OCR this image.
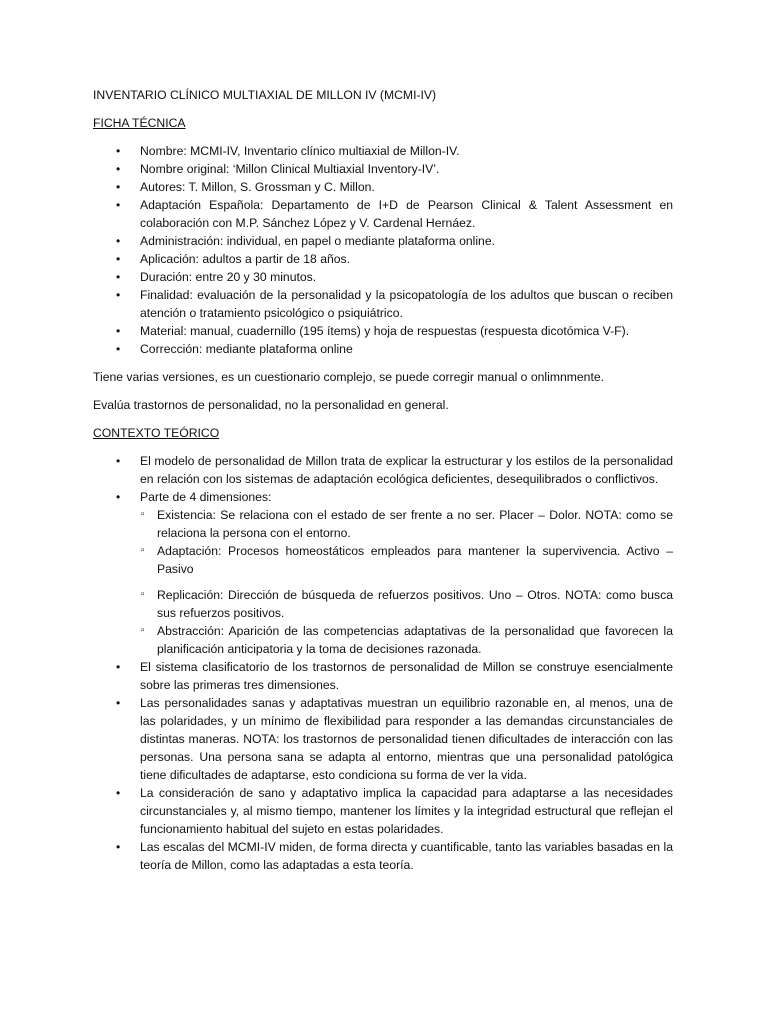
INVENTARIO CLÍNICO MULTIAXIAL DE MILLON IV (MCMI-IV)

FICHA TÉCNICA

• Nombre: MCMI-IV, Inventario clínico multiaxial de Millon-IV.
• Nombre original: ‘Millon Clinical Multiaxial Inventory-IV’.
• Autores: T. Millon, S. Grossman y C. Millon.
• Adaptación Española: Departamento de I+D de Pearson Clinical & Talent Assessment en colaboración con M.P. Sánchez López y V. Cardenal Hernáez.
• Administración: individual, en papel o mediante plataforma online.
• Aplicación: adultos a partir de 18 años.
• Duración: entre 20 y 30 minutos.
• Finalidad: evaluación de la personalidad y la psicopatología de los adultos que buscan o reciben atención o tratamiento psicológico o psiquiátrico.
• Material: manual, cuadernillo (195 ítems) y hoja de respuestas (respuesta dicotómica V-F).
• Corrección: mediante plataforma online

Tiene varias versiones, es un cuestionario complejo, se puede corregir manual o onlimnmente.

Evalúa trastornos de personalidad, no la personalidad en general.

CONTEXTO TEÓRICO

• El modelo de personalidad de Millon trata de explicar la estructurar y los estilos de la personalidad en relación con los sistemas de adaptación ecológica deficientes, desequilibrados o conflictivos.
• Parte de 4 dimensiones:
▫ Existencia: Se relaciona con el estado de ser frente a no ser. Placer – Dolor. NOTA: como se relaciona la persona con el entorno.
▫ Adaptación: Procesos homeostáticos empleados para mantener la supervivencia. Activo – Pasivo
▫ Replicación: Dirección de búsqueda de refuerzos positivos. Uno – Otros. NOTA: como busca sus refuerzos positivos.
▫ Abstracción: Aparición de las competencias adaptativas de la personalidad que favorecen la planificación anticipatoria y la toma de decisiones razonada.
• El sistema clasificatorio de los trastornos de personalidad de Millon se construye esencialmente sobre las primeras tres dimensiones.
• Las personalidades sanas y adaptativas muestran un equilibrio razonable en, al menos, una de las polaridades, y un mínimo de flexibilidad para responder a las demandas circunstanciales de distintas maneras. NOTA: los trastornos de personalidad tienen dificultades de interacción con las personas. Una persona sana se adapta al entorno, mientras que una personalidad patológica tiene dificultades de adaptarse, esto condiciona su forma de ver la vida.
• La consideración de sano y adaptativo implica la capacidad para adaptarse a las necesidades circunstanciales y, al mismo tiempo, mantener los límites y la integridad estructural que reflejan el funcionamiento habitual del sujeto en estas polaridades.
• Las escalas del MCMI-IV miden, de forma directa y cuantificable, tanto las variables basadas en la teoría de Millon, como las adaptadas a esta teoría.
